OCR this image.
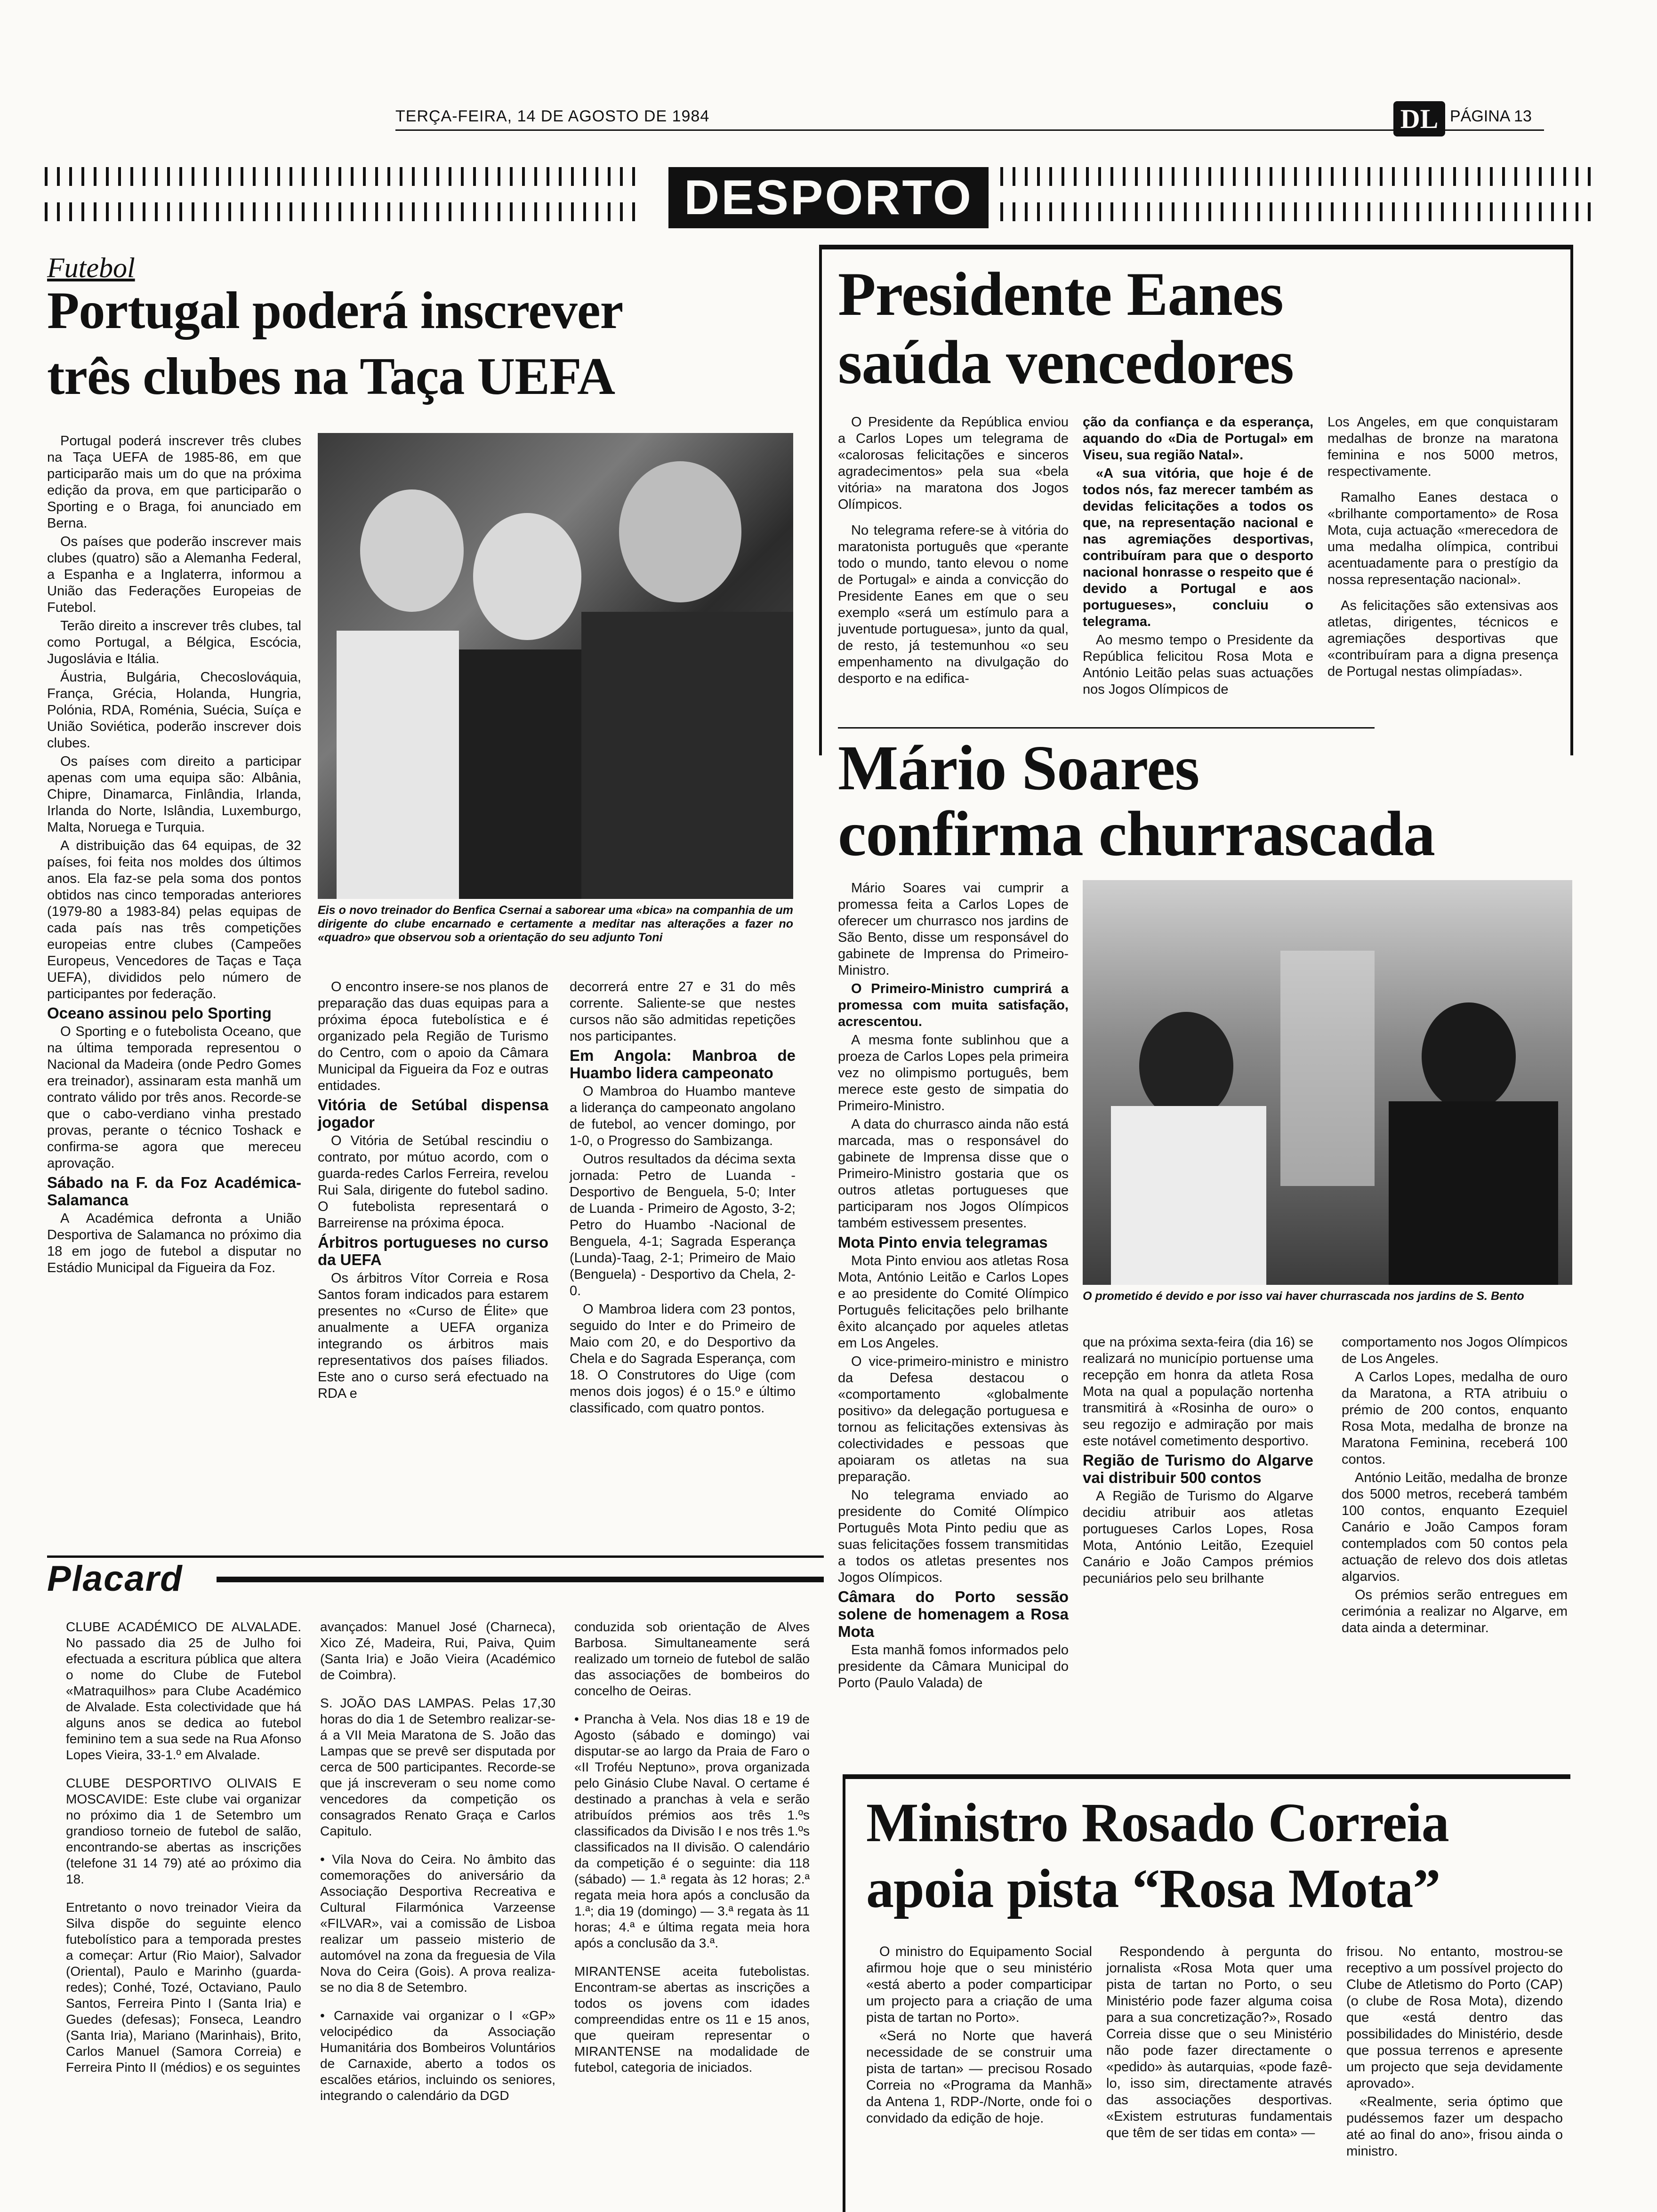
TERÇA-FEIRA, 14 DE AGOSTO DE 1984	DL PÁGINA 13
DESPORTO
Futebol
Portugal poderá inscrever
três clubes na Taça UEFA

Portugal poderá inscrever três clubes na Taça UEFA de 1985-86, em que participarão mais um do que na próxima edição da prova, em que participarão o Sporting e o Braga, foi anunciado em Berna.

Os países que poderão inscrever mais clubes (quatro) são a Alemanha Federal, a Espanha e a Inglaterra, informou a União das Federações Europeias de Futebol.

Terão direito a inscrever três clubes, tal como Portugal, a Bélgica, Escócia, Jugoslávia e Itália.

Áustria, Bulgária, Checoslováquia, França, Grécia, Holanda, Hungria, Polónia, RDA, Roménia, Suécia, Suíça e União Soviética, poderão inscrever dois clubes.

Os países com direito a participar apenas com uma equipa são: Albânia, Chipre, Dinamarca, Finlândia, Irlanda, Irlanda do Norte, Islândia, Luxemburgo, Malta, Noruega e Turquia.

A distribuição das 64 equipas, de 32 países, foi feita nos moldes dos últimos anos. Ela faz-se pela soma dos pontos obtidos nas cinco temporadas anteriores (1979-80 a 1983-84) pelas equipas de cada país nas três competições europeias entre clubes (Campeões Europeus, Vencedores de Taças e Taça UEFA), divididos pelo número de participantes por federação.

Oceano assinou pelo Sporting

O Sporting e o futebolista Oceano, que na última temporada representou o Nacional da Madeira (onde Pedro Gomes era treinador), assinaram esta manhã um contrato válido por três anos. Recorde-se que o cabo-verdiano vinha prestado provas, perante o técnico Toshack e confirma-se agora que mereceu aprovação.

Sábado na F. da Foz Académica-Salamanca

A Académica defronta a União Desportiva de Salamanca no próximo dia 18 em jogo de futebol a disputar no Estádio Municipal da Figueira da Foz.

Eis o novo treinador do Benfica Csernai a saborear uma «bica» na companhia de um dirigente do clube encarnado e certamente a meditar nas alterações a fazer no «quadro» que observou sob a orientação do seu adjunto Toni

O encontro insere-se nos planos de preparação das duas equipas para a próxima época futebolística e é organizado pela Região de Turismo do Centro, com o apoio da Câmara Municipal da Figueira da Foz e outras entidades.

Vitória de Setúbal dispensa jogador

O Vitória de Setúbal rescindiu o contrato, por mútuo acordo, com o guarda-redes Carlos Ferreira, revelou Rui Sala, dirigente do futebol sadino. O futebolista representará o Barreirense na próxima época.

Árbitros portugueses no curso da UEFA

Os árbitros Vítor Correia e Rosa Santos foram indicados para estarem presentes no «Curso de Élite» que anualmente a UEFA organiza integrando os árbitros mais representativos dos países filiados. Este ano o curso será efectuado na RDA e

decorrerá entre 27 e 31 do mês corrente. Saliente-se que nestes cursos não são admitidas repetições nos participantes.

Em Angola: Manbroa de Huambo lidera campeonato

O Mambroa do Huambo manteve a liderança do campeonato angolano de futebol, ao vencer domingo, por 1-0, o Progresso do Sambizanga.

Outros resultados da décima sexta jornada: Petro de Luanda -Desportivo de Benguela, 5-0; Inter de Luanda - Primeiro de Agosto, 3-2; Petro do Huambo -Nacional de Benguela, 4-1; Sagrada Esperança (Lunda)-Taag, 2-1; Primeiro de Maio (Benguela) - Desportivo da Chela, 2-0.

O Mambroa lidera com 23 pontos, seguido do Inter e do Primeiro de Maio com 20, e do Desportivo da Chela e do Sagrada Esperança, com 18. O Construtores do Uige (com menos dois jogos) é o 15.º e último classificado, com quatro pontos.

Presidente Eanes
saúda vencedores

O Presidente da República enviou a Carlos Lopes um telegrama de «calorosas felicitações e sinceros agradecimentos» pela sua «bela vitória» na maratona dos Jogos Olímpicos.

No telegrama refere-se à vitória do maratonista português que «perante todo o mundo, tanto elevou o nome de Portugal» e ainda a convicção do Presidente Eanes em que o seu exemplo «será um estímulo para a juventude portuguesa», junto da qual, de resto, já testemunhou «o seu empenhamento na divulgação do desporto e na edifica-

ção da confiança e da esperança, aquando do «Dia de Portugal» em Viseu, sua região Natal».

«A sua vitória, que hoje é de todos nós, faz merecer também as devidas felicitações a todos os que, na representação nacional e nas agremiações desportivas, contribuíram para que o desporto nacional honrasse o respeito que é devido a Portugal e aos portugueses», concluiu o telegrama.

Ao mesmo tempo o Presidente da República felicitou Rosa Mota e António Leitão pelas suas actuações nos Jogos Olímpicos de

Los Angeles, em que conquistaram medalhas de bronze na maratona feminina e nos 5000 metros, respectivamente.

Ramalho Eanes destaca o «brilhante comportamento» de Rosa Mota, cuja actuação «merecedora de uma medalha olímpica, contribui acentuadamente para o prestígio da nossa representação nacional».

As felicitações são extensivas aos atletas, dirigentes, técnicos e agremiações desportivas que «contribuíram para a digna presença de Portugal nestas olimpíadas».

Mário Soares
confirma churrascada

Mário Soares vai cumprir a promessa feita a Carlos Lopes de oferecer um churrasco nos jardins de São Bento, disse um responsável do gabinete de Imprensa do Primeiro-Ministro.

O Primeiro-Ministro cumprirá a promessa com muita satisfação, acrescentou.

A mesma fonte sublinhou que a proeza de Carlos Lopes pela primeira vez no olimpismo português, bem merece este gesto de simpatia do Primeiro-Ministro.

A data do churrasco ainda não está marcada, mas o responsável do gabinete de Imprensa disse que o Primeiro-Ministro gostaria que os outros atletas portugueses que participaram nos Jogos Olímpicos também estivessem presentes.

Mota Pinto envia telegramas

Mota Pinto enviou aos atletas Rosa Mota, António Leitão e Carlos Lopes e ao presidente do Comité Olímpico Português felicitações pelo brilhante êxito alcançado por aqueles atletas em Los Angeles.

O vice-primeiro-ministro e ministro da Defesa destacou o «comportamento «globalmente positivo» da delegação portuguesa e tornou as felicitações extensivas às colectividades e pessoas que apoiaram os atletas na sua preparação.

No telegrama enviado ao presidente do Comité Olímpico Português Mota Pinto pediu que as suas felicitações fossem transmitidas a todos os atletas presentes nos Jogos Olímpicos.

Câmara do Porto sessão solene de homenagem a Rosa Mota

Esta manhã fomos informados pelo presidente da Câmara Municipal do Porto (Paulo Valada) de

O prometido é devido e por isso vai haver churrascada nos jardins de S. Bento

que na próxima sexta-feira (dia 16) se realizará no município portuense uma recepção em honra da atleta Rosa Mota na qual a população nortenha transmitirá à «Rosinha de ouro» o seu regozijo e admiração por mais este notável cometimento desportivo.

Região de Turismo do Algarve vai distribuir 500 contos

A Região de Turismo do Algarve decidiu atribuir aos atletas portugueses Carlos Lopes, Rosa Mota, António Leitão, Ezequiel Canário e João Campos prémios pecuniários pelo seu brilhante

comportamento nos Jogos Olímpicos de Los Angeles.

A Carlos Lopes, medalha de ouro da Maratona, a RTA atribuiu o prémio de 200 contos, enquanto Rosa Mota, medalha de bronze na Maratona Feminina, receberá 100 contos.

António Leitão, medalha de bronze dos 5000 metros, receberá também 100 contos, enquanto Ezequiel Canário e João Campos foram contemplados com 50 contos pela actuação de relevo dos dois atletas algarvios.

Os prémios serão entregues em cerimónia a realizar no Algarve, em data ainda a determinar.

Placard

CLUBE ACADÉMICO DE ALVALADE. No passado dia 25 de Julho foi efectuada a escritura pública que altera o nome do Clube de Futebol «Matraquilhos» para Clube Académico de Alvalade. Esta colectividade que há alguns anos se dedica ao futebol feminino tem a sua sede na Rua Afonso Lopes Vieira, 33-1.º em Alvalade.

CLUBE DESPORTIVO OLIVAIS E MOSCAVIDE: Este clube vai organizar no próximo dia 1 de Setembro um grandioso torneio de futebol de salão, encontrando-se abertas as inscrições (telefone 31 14 79) até ao próximo dia 18.

Entretanto o novo treinador Vieira da Silva dispõe do seguinte elenco futebolístico para a temporada prestes a começar: Artur (Rio Maior), Salvador (Oriental), Paulo e Marinho (guarda-redes); Conhé, Tozé, Octaviano, Paulo Santos, Ferreira Pinto I (Santa Iria) e Guedes (defesas); Fonseca, Leandro (Santa Iria), Mariano (Marinhais), Brito, Carlos Manuel (Samora Correia) e Ferreira Pinto II (médios) e os seguintes

avançados: Manuel José (Charneca), Xico Zé, Madeira, Rui, Paiva, Quim (Santa Iria) e João Vieira (Académico de Coimbra).

S. JOÃO DAS LAMPAS. Pelas 17,30 horas do dia 1 de Setembro realizar-se-á a VII Meia Maratona de S. João das Lampas que se prevê ser disputada por cerca de 500 participantes. Recorde-se que já inscreveram o seu nome como vencedores da competição os consagrados Renato Graça e Carlos Capitulo.

• Vila Nova do Ceira. No âmbito das comemorações do aniversário da Associação Desportiva Recreativa e Cultural Filarmónica Varzeense «FILVAR», vai a comissão de Lisboa realizar um passeio misterio de automóvel na zona da freguesia de Vila Nova do Ceira (Gois). A prova realiza-se no dia 8 de Setembro.

• Carnaxide vai organizar o I «GP» velocipédico da Associação Humanitária dos Bombeiros Voluntários de Carnaxide, aberto a todos os escalões etários, incluindo os seniores, integrando o calendário da DGD

conduzida sob orientação de Alves Barbosa. Simultaneamente será realizado um torneio de futebol de salão das associações de bombeiros do concelho de Oeiras.

• Prancha à Vela. Nos dias 18 e 19 de Agosto (sábado e domingo) vai disputar-se ao largo da Praia de Faro o «II Troféu Neptuno», prova organizada pelo Ginásio Clube Naval. O certame é destinado a pranchas à vela e serão atribuídos prémios aos três 1.ºs classificados da Divisão I e nos três 1.ºs classificados na II divisão. O calendário da competição é o seguinte: dia 118 (sábado) — 1.ª regata às 12 horas; 2.ª regata meia hora após a conclusão da 1.ª; dia 19 (domingo) — 3.ª regata às 11 horas; 4.ª e última regata meia hora após a conclusão da 3.ª.

MIRANTENSE aceita futebolistas. Encontram-se abertas as inscrições a todos os jovens com idades compreendidas entre os 11 e 15 anos, que queiram representar o MIRANTENSE na modalidade de futebol, categoria de iniciados.

Ministro Rosado Correia
apoia pista “Rosa Mota”

O ministro do Equipamento Social afirmou hoje que o seu ministério «está aberto a poder comparticipar um projecto para a criação de uma pista de tartan no Porto».

«Será no Norte que haverá necessidade de se construir uma pista de tartan» — precisou Rosado Correia no «Programa da Manhã» da Antena 1, RDP-/Norte, onde foi o convidado da edição de hoje.

Respondendo à pergunta do jornalista «Rosa Mota quer uma pista de tartan no Porto, o seu Ministério pode fazer alguma coisa para a sua concretização?», Rosado Correia disse que o seu Ministério não pode fazer directamente o «pedido» às autarquias, «pode fazê-lo, isso sim, directamente através das associações desportivas. «Existem estruturas fundamentais que têm de ser tidas em conta» —

frisou. No entanto, mostrou-se receptivo a um possível projecto do Clube de Atletismo do Porto (CAP) (o clube de Rosa Mota), dizendo que «está dentro das possibilidades do Ministério, desde que possua terrenos e apresente um projecto que seja devidamente aprovado».

«Realmente, seria óptimo que pudéssemos fazer um despacho até ao final do ano», frisou ainda o ministro.
